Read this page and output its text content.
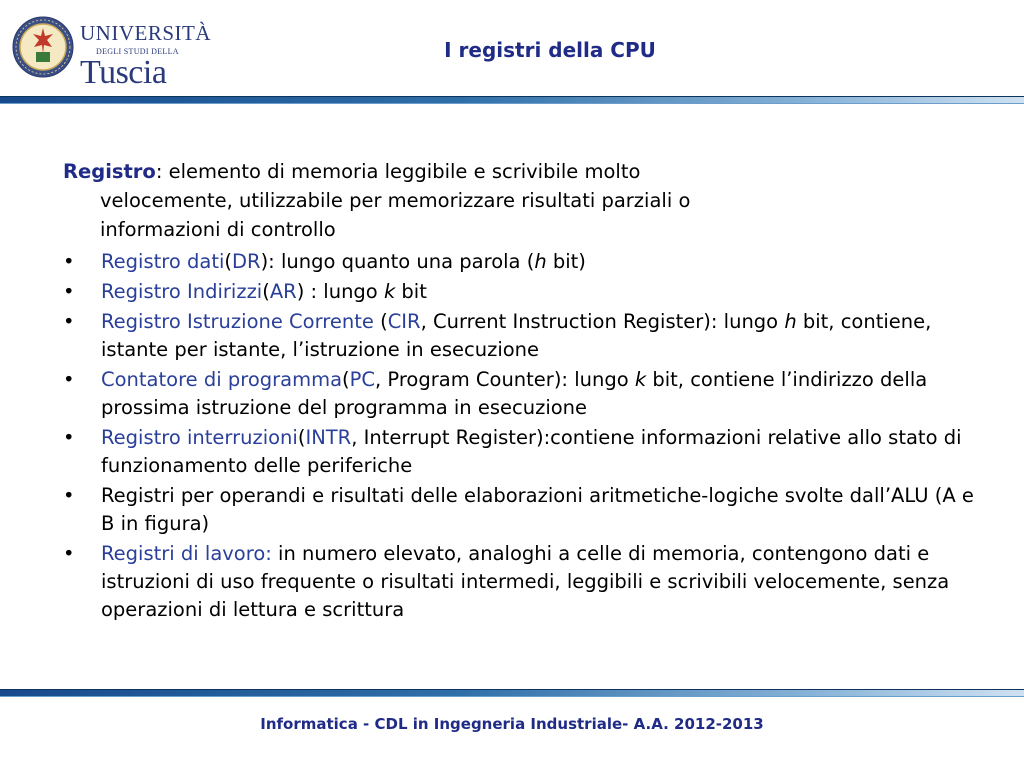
UNIVERSITÀ
DEGLI STUDI DELLA
Tuscia
I registri della CPU
Registro: elemento di memoria leggibile e scrivibile molto
velocemente, utilizzabile per memorizzare risultati parziali o
informazioni di controllo
• Registro dati(DR): lungo quanto una parola (h bit)
• Registro Indirizzi(AR) : lungo k bit
• Registro Istruzione Corrente (CIR, Current Instruction Register): lungo h bit, contiene, istante per istante, l’istruzione in esecuzione
• Contatore di programma(PC, Program Counter): lungo k bit, contiene l’indirizzo della prossima istruzione del programma in esecuzione
• Registro interruzioni(INTR, Interrupt Register):contiene informazioni relative allo stato di funzionamento delle periferiche
• Registri per operandi e risultati delle elaborazioni aritmetiche-logiche svolte dall’ALU (A e B in figura)
• Registri di lavoro: in numero elevato, analoghi a celle di memoria, contengono dati e istruzioni di uso frequente o risultati intermedi, leggibili e scrivibili velocemente, senza operazioni di lettura e scrittura
Informatica - CDL in Ingegneria Industriale- A.A. 2012-2013
